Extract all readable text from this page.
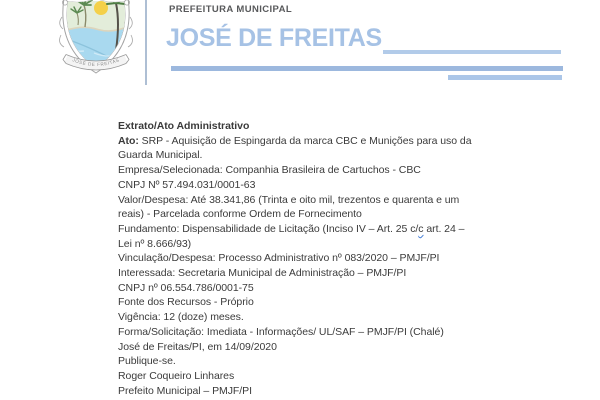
JOSÉ DE FREITAS
PREFEITURA MUNICIPAL
JOSÉ DE FREITAS
Extrato/Ato Administrativo
Ato: SRP - Aquisição de Espingarda da marca CBC e Munições para uso da
Guarda Municipal.
Empresa/Selecionada: Companhia Brasileira de Cartuchos - CBC
CNPJ Nº 57.494.031/0001-63
Valor/Despesa: Até 38.341,86 (Trinta e oito mil, trezentos e quarenta e um
reais) - Parcelada conforme Ordem de Fornecimento
Fundamento: Dispensabilidade de Licitação (Inciso IV – Art. 25 c/c art. 24 –
Lei nº 8.666/93)
Vinculação/Despesa: Processo Administrativo nº 083/2020 – PMJF/PI
Interessada: Secretaria Municipal de Administração – PMJF/PI
CNPJ nº 06.554.786/0001-75
Fonte dos Recursos - Próprio
Vigência: 12 (doze) meses.
Forma/Solicitação: Imediata - Informações/ UL/SAF – PMJF/PI (Chalé)
José de Freitas/PI, em 14/09/2020
Publique-se.
Roger Coqueiro Linhares
Prefeito Municipal – PMJF/PI
